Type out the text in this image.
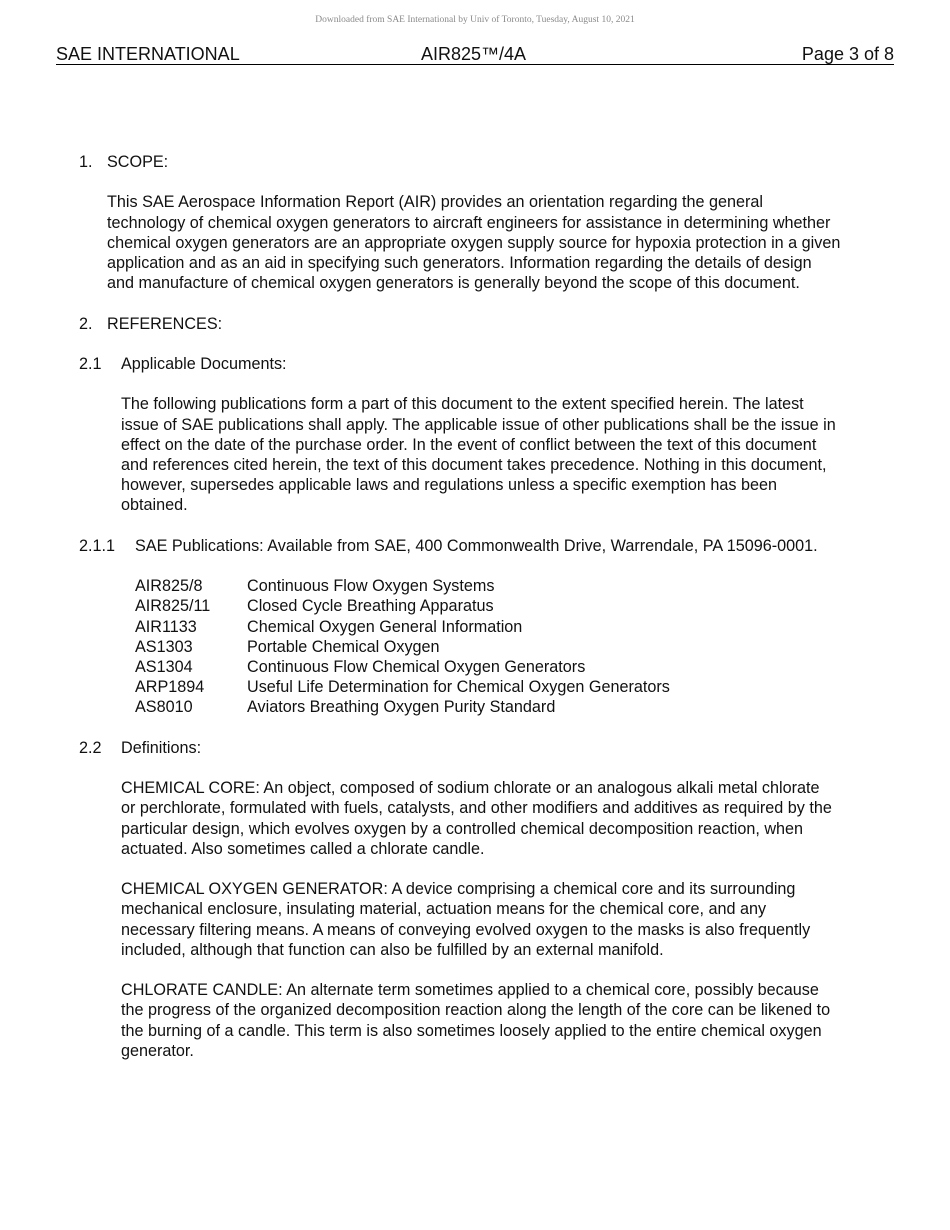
Downloaded from SAE International by Univ of Toronto, Tuesday, August 10, 2021
SAE INTERNATIONAL	AIR825™/4A	Page 3 of 8
1. SCOPE:
This SAE Aerospace Information Report (AIR) provides an orientation regarding the general
technology of chemical oxygen generators to aircraft engineers for assistance in determining whether
chemical oxygen generators are an appropriate oxygen supply source for hypoxia protection in a given
application and as an aid in specifying such generators. Information regarding the details of design
and manufacture of chemical oxygen generators is generally beyond the scope of this document.
2. REFERENCES:
2.1	Applicable Documents:
The following publications form a part of this document to the extent specified herein. The latest
issue of SAE publications shall apply. The applicable issue of other publications shall be the issue in
effect on the date of the purchase order. In the event of conflict between the text of this document
and references cited herein, the text of this document takes precedence. Nothing in this document,
however, supersedes applicable laws and regulations unless a specific exemption has been
obtained.
2.1.1	SAE Publications: Available from SAE, 400 Commonwealth Drive, Warrendale, PA 15096-0001.
AIR825/8	Continuous Flow Oxygen Systems
AIR825/11	Closed Cycle Breathing Apparatus
AIR1133	Chemical Oxygen General Information
AS1303	Portable Chemical Oxygen
AS1304	Continuous Flow Chemical Oxygen Generators
ARP1894	Useful Life Determination for Chemical Oxygen Generators
AS8010	Aviators Breathing Oxygen Purity Standard
2.2	Definitions:
CHEMICAL CORE: An object, composed of sodium chlorate or an analogous alkali metal chlorate
or perchlorate, formulated with fuels, catalysts, and other modifiers and additives as required by the
particular design, which evolves oxygen by a controlled chemical decomposition reaction, when
actuated. Also sometimes called a chlorate candle.
CHEMICAL OXYGEN GENERATOR: A device comprising a chemical core and its surrounding
mechanical enclosure, insulating material, actuation means for the chemical core, and any
necessary filtering means. A means of conveying evolved oxygen to the masks is also frequently
included, although that function can also be fulfilled by an external manifold.
CHLORATE CANDLE: An alternate term sometimes applied to a chemical core, possibly because
the progress of the organized decomposition reaction along the length of the core can be likened to
the burning of a candle. This term is also sometimes loosely applied to the entire chemical oxygen
generator.
